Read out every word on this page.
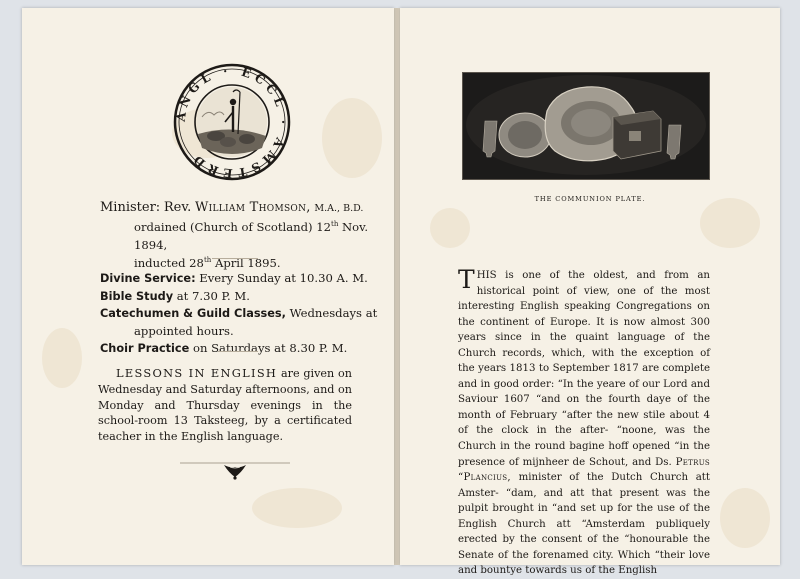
ANGL · ECCL · AMSTERD
Minister: Rev. William Thomson, M.A., B.D.
ordained (Church of Scotland) 12th Nov. 1894,
inducted 28th April 1895.
Divine Service: Every Sunday at 10.30 A. M.
Bible Study at 7.30 P. M.
Catechumen & Guild Classes, Wednesdays at
appointed hours.
Choir Practice on Saturdays at 8.30 P. M.
LESSONS IN ENGLISH are given on Wednesday and Saturday afternoons, and on Monday and Thursday evenings in the school-room 13 Taksteeg, by a certificated teacher in the English language.
THE COMMUNION PLATE.

THIS is one of the oldest, and from an historical point of view, one of the most interesting English speaking Congregations on the continent of Europe. It is now almost 300 years since in the quaint language of the Church records, which, with the exception of the years 1813 to September 1817 are complete and in good order: “In the yeare of our Lord and Saviour 1607 “and on the fourth daye of the month of February “after the new stile about 4 of the clock in the after- “noone, was the Church in the round bagine hoff opened “in the presence of mijnheer de Schout, and Ds. Petrus “Plancius, minister of the Dutch Church att Amster- “dam, and att that present was the pulpit brought in “and set up for the use of the English Church att “Amsterdam publiquely erected by the consent of the “honourable the Senate of the forenamed city. Which “their love and bountye towards us of the English
